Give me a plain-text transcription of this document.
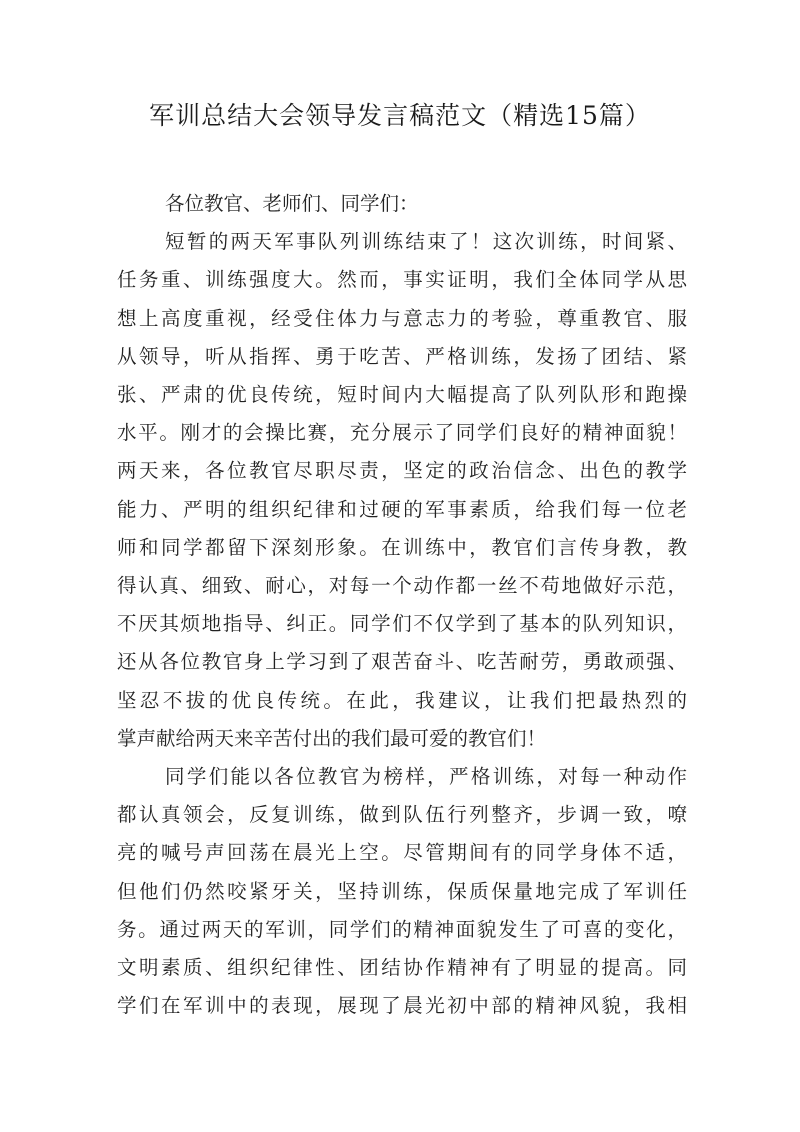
军训总结大会领导发言稿范文（精选15篇）
各位教官、老师们、同学们：
短暂的两天军事队列训练结束了！这次训练，时间紧、
任务重、训练强度大。然而，事实证明，我们全体同学从思
想上高度重视，经受住体力与意志力的考验，尊重教官、服
从领导，听从指挥、勇于吃苦、严格训练，发扬了团结、紧
张、严肃的优良传统，短时间内大幅提高了队列队形和跑操
水平。刚才的会操比赛，充分展示了同学们良好的精神面貌！
两天来，各位教官尽职尽责，坚定的政治信念、出色的教学
能力、严明的组织纪律和过硬的军事素质，给我们每一位老
师和同学都留下深刻形象。在训练中，教官们言传身教，教
得认真、细致、耐心，对每一个动作都一丝不苟地做好示范，
不厌其烦地指导、纠正。同学们不仅学到了基本的队列知识，
还从各位教官身上学习到了艰苦奋斗、吃苦耐劳，勇敢顽强、
坚忍不拔的优良传统。在此，我建议，让我们把最热烈的
掌声献给两天来辛苦付出的我们最可爱的教官们！
同学们能以各位教官为榜样，严格训练，对每一种动作
都认真领会，反复训练，做到队伍行列整齐，步调一致，嘹
亮的喊号声回荡在晨光上空。尽管期间有的同学身体不适，
但他们仍然咬紧牙关，坚持训练，保质保量地完成了军训任
务。通过两天的军训，同学们的精神面貌发生了可喜的变化，
文明素质、组织纪律性、团结协作精神有了明显的提高。同
学们在军训中的表现，展现了晨光初中部的精神风貌，我相
